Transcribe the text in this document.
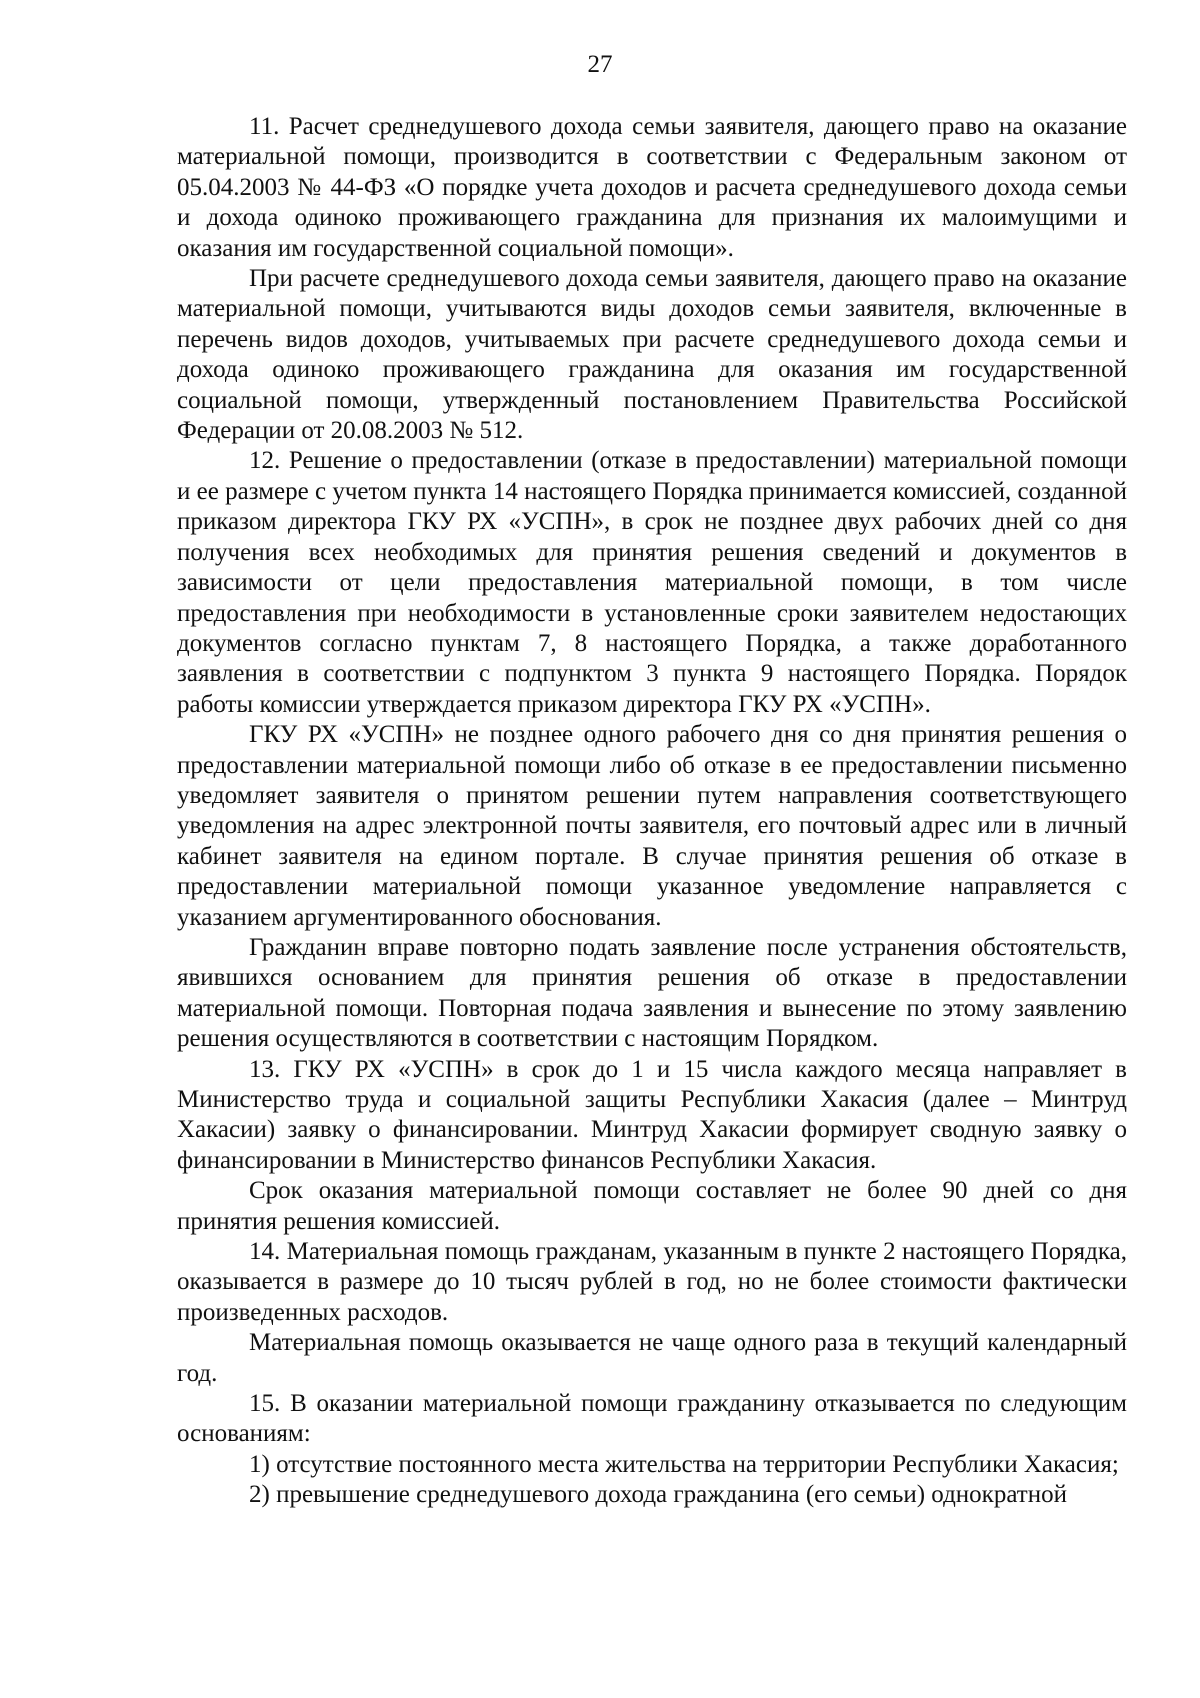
27

11. Расчет среднедушевого дохода семьи заявителя, дающего право на оказание материальной помощи, производится в соответствии с Федеральным законом от 05.04.2003 № 44-ФЗ «О порядке учета доходов и расчета среднедушевого дохода семьи и дохода одиноко проживающего гражданина для признания их малоимущими и оказания им государственной социальной помощи».

При расчете среднедушевого дохода семьи заявителя, дающего право на оказание материальной помощи, учитываются виды доходов семьи заявителя, включенные в перечень видов доходов, учитываемых при расчете среднедушевого дохода семьи и дохода одиноко проживающего гражданина для оказания им государственной социальной помощи, утвержденный постановлением Правительства Российской Федерации от 20.08.2003 № 512.

12. Решение о предоставлении (отказе в предоставлении) материальной помощи и ее размере с учетом пункта 14 настоящего Порядка принимается комиссией, созданной приказом директора ГКУ РХ «УСПН», в срок не позднее двух рабочих дней со дня получения всех необходимых для принятия решения сведений и документов в зависимости от цели предоставления материальной помощи, в том числе предоставления при необходимости в установленные сроки заявителем недостающих документов согласно пунктам 7, 8 настоящего Порядка, а также доработанного заявления в соответствии с подпунктом 3 пункта 9 настоящего Порядка. Порядок работы комиссии утверждается приказом директора ГКУ РХ «УСПН».

ГКУ РХ «УСПН» не позднее одного рабочего дня со дня принятия решения о предоставлении материальной помощи либо об отказе в ее предоставлении письменно уведомляет заявителя о принятом решении путем направления соответствующего уведомления на адрес электронной почты заявителя, его почтовый адрес или в личный кабинет заявителя на едином портале. В случае принятия решения об отказе в предоставлении материальной помощи указанное уведомление направляется с указанием аргументированного обоснования.

Гражданин вправе повторно подать заявление после устранения обстоятельств, явившихся основанием для принятия решения об отказе в предоставлении материальной помощи. Повторная подача заявления и вынесение по этому заявлению решения осуществляются в соответствии с настоящим Порядком.

13. ГКУ РХ «УСПН» в срок до 1 и 15 числа каждого месяца направляет в Министерство труда и социальной защиты Республики Хакасия (далее – Минтруд Хакасии) заявку о финансировании. Минтруд Хакасии формирует сводную заявку о финансировании в Министерство финансов Республики Хакасия.

Срок оказания материальной помощи составляет не более 90 дней со дня принятия решения комиссией.

14. Материальная помощь гражданам, указанным в пункте 2 настоящего Порядка, оказывается в размере до 10 тысяч рублей в год, но не более стоимости фактически произведенных расходов.

Материальная помощь оказывается не чаще одного раза в текущий календарный год.

15. В оказании материальной помощи гражданину отказывается по следующим основаниям:

1) отсутствие постоянного места жительства на территории Республики Хакасия;

2) превышение среднедушевого дохода гражданина (его семьи) однократной
